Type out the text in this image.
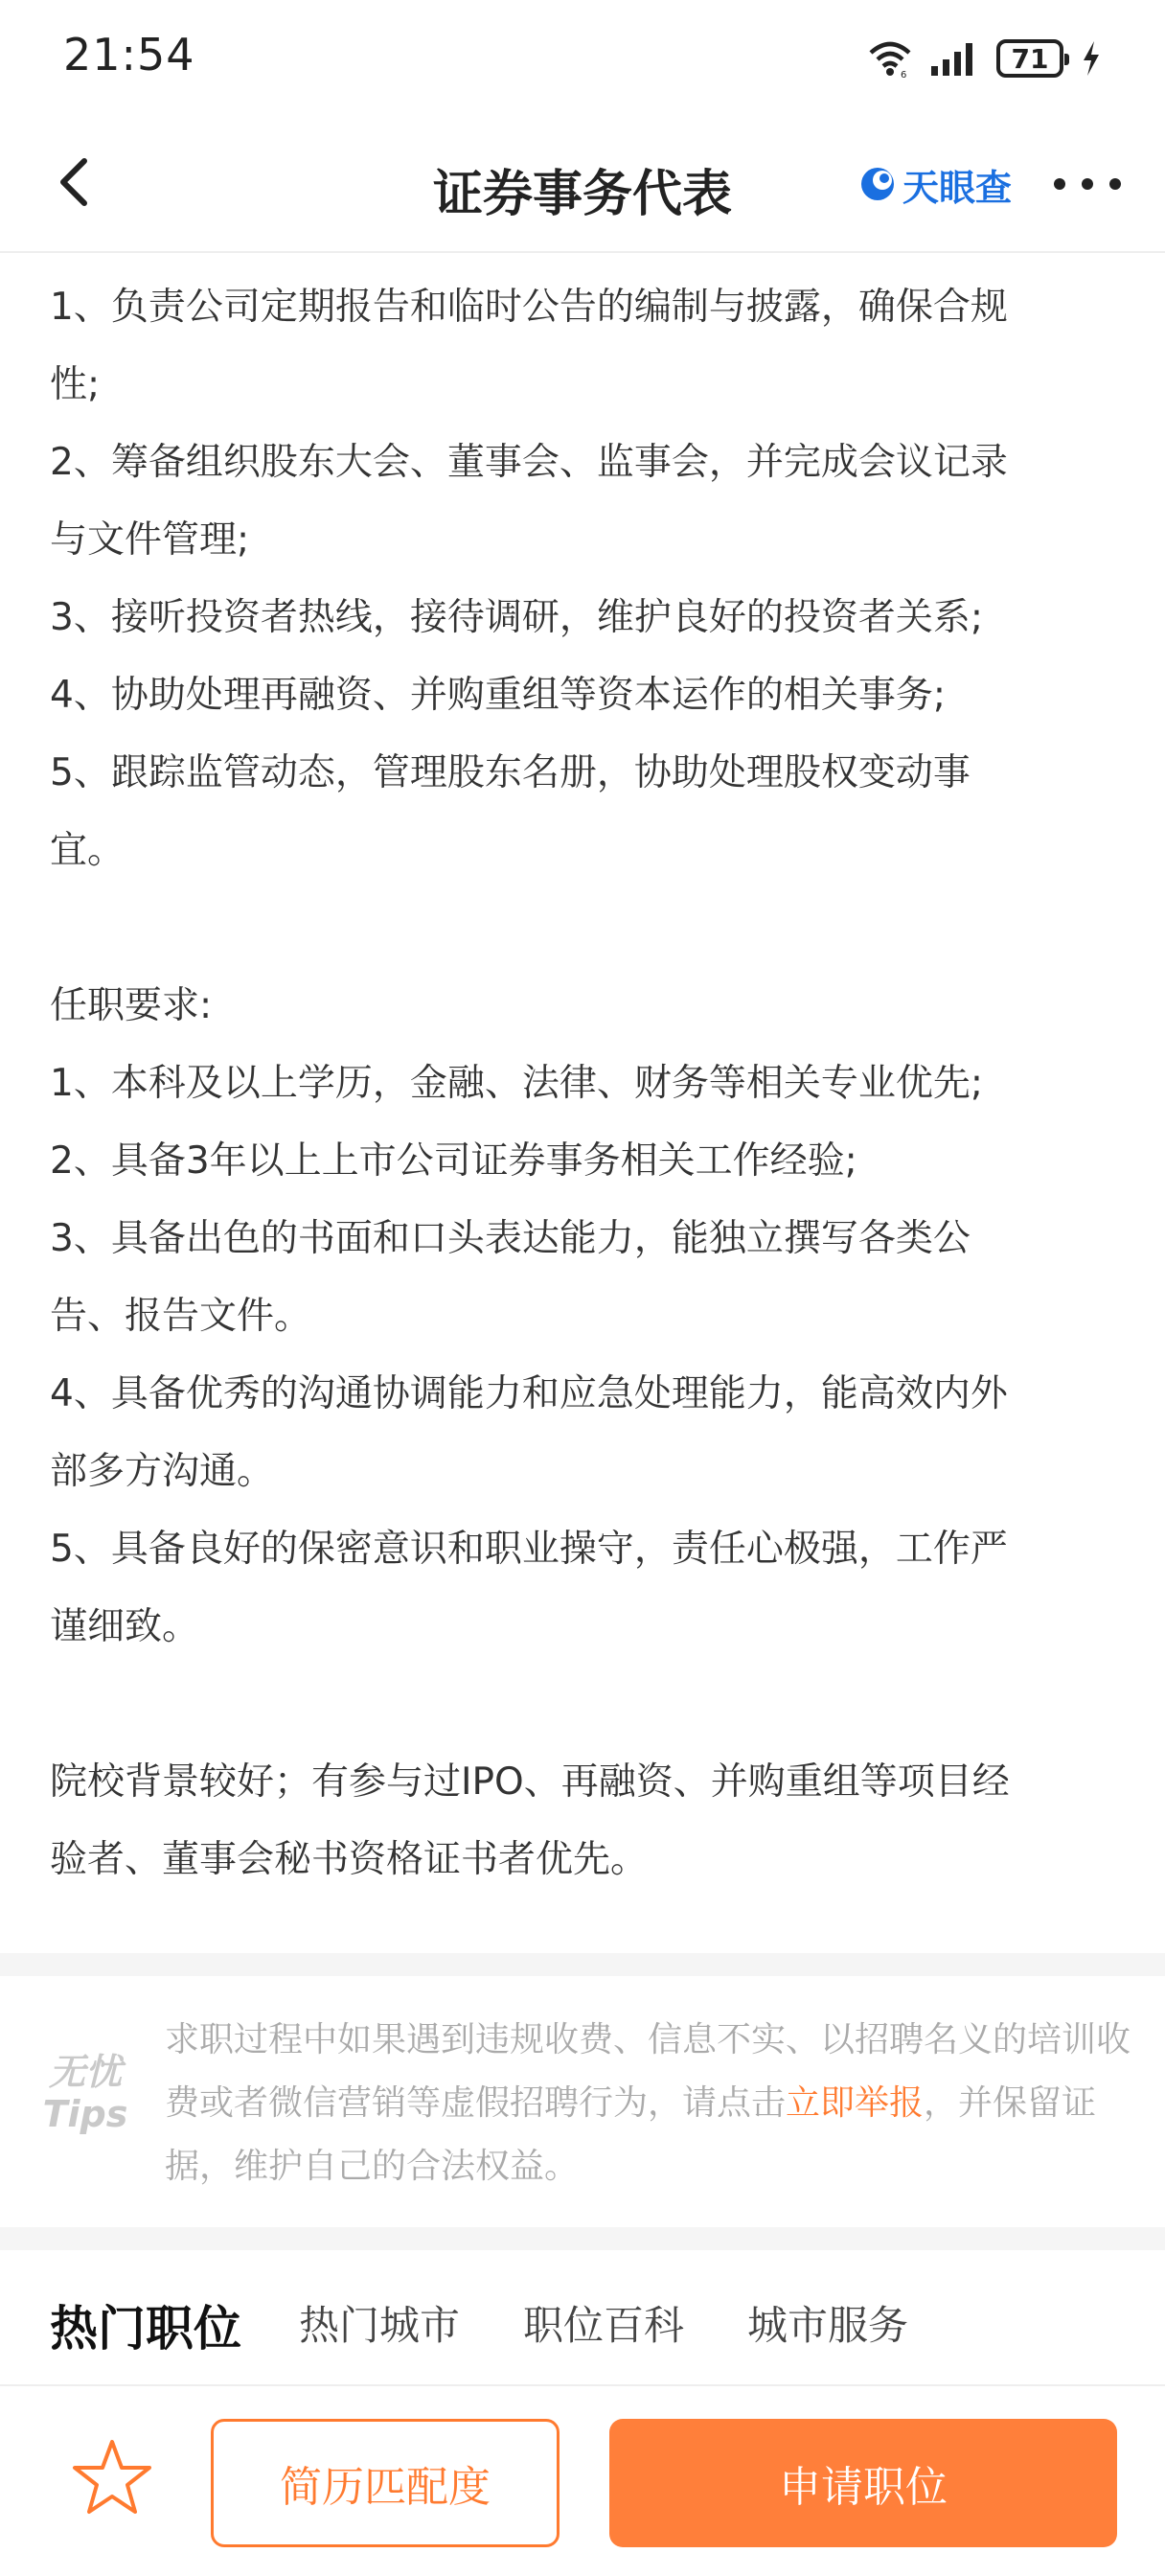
21:54	6
71
证券事务代表	天眼查
1、负责公司定期报告和临时公告的编制与披露，确保合规
性;
2、筹备组织股东大会、董事会、监事会，并完成会议记录
与文件管理;
3、接听投资者热线，接待调研，维护良好的投资者关系;
4、协助处理再融资、并购重组等资本运作的相关事务;
5、跟踪监管动态，管理股东名册，协助处理股权变动事
宜。
任职要求:
1、本科及以上学历，金融、法律、财务等相关专业优先;
2、具备3年以上上市公司证券事务相关工作经验;
3、具备出色的书面和口头表达能力，能独立撰写各类公
告、报告文件。
4、具备优秀的沟通协调能力和应急处理能力，能高效内外
部多方沟通。
5、具备良好的保密意识和职业操守，责任心极强，工作严
谨细致。
院校背景较好；有参与过IPO、再融资、并购重组等项目经
验者、董事会秘书资格证书者优先。
无忧
Tips
求职过程中如果遇到违规收费、信息不实、以招聘名义的培训收费或者微信营销等虚假招聘行为，请点击立即举报，并保留证据，维护自己的合法权益。
热门职位 热门城市 职位百科 城市服务
简历匹配度	申请职位
